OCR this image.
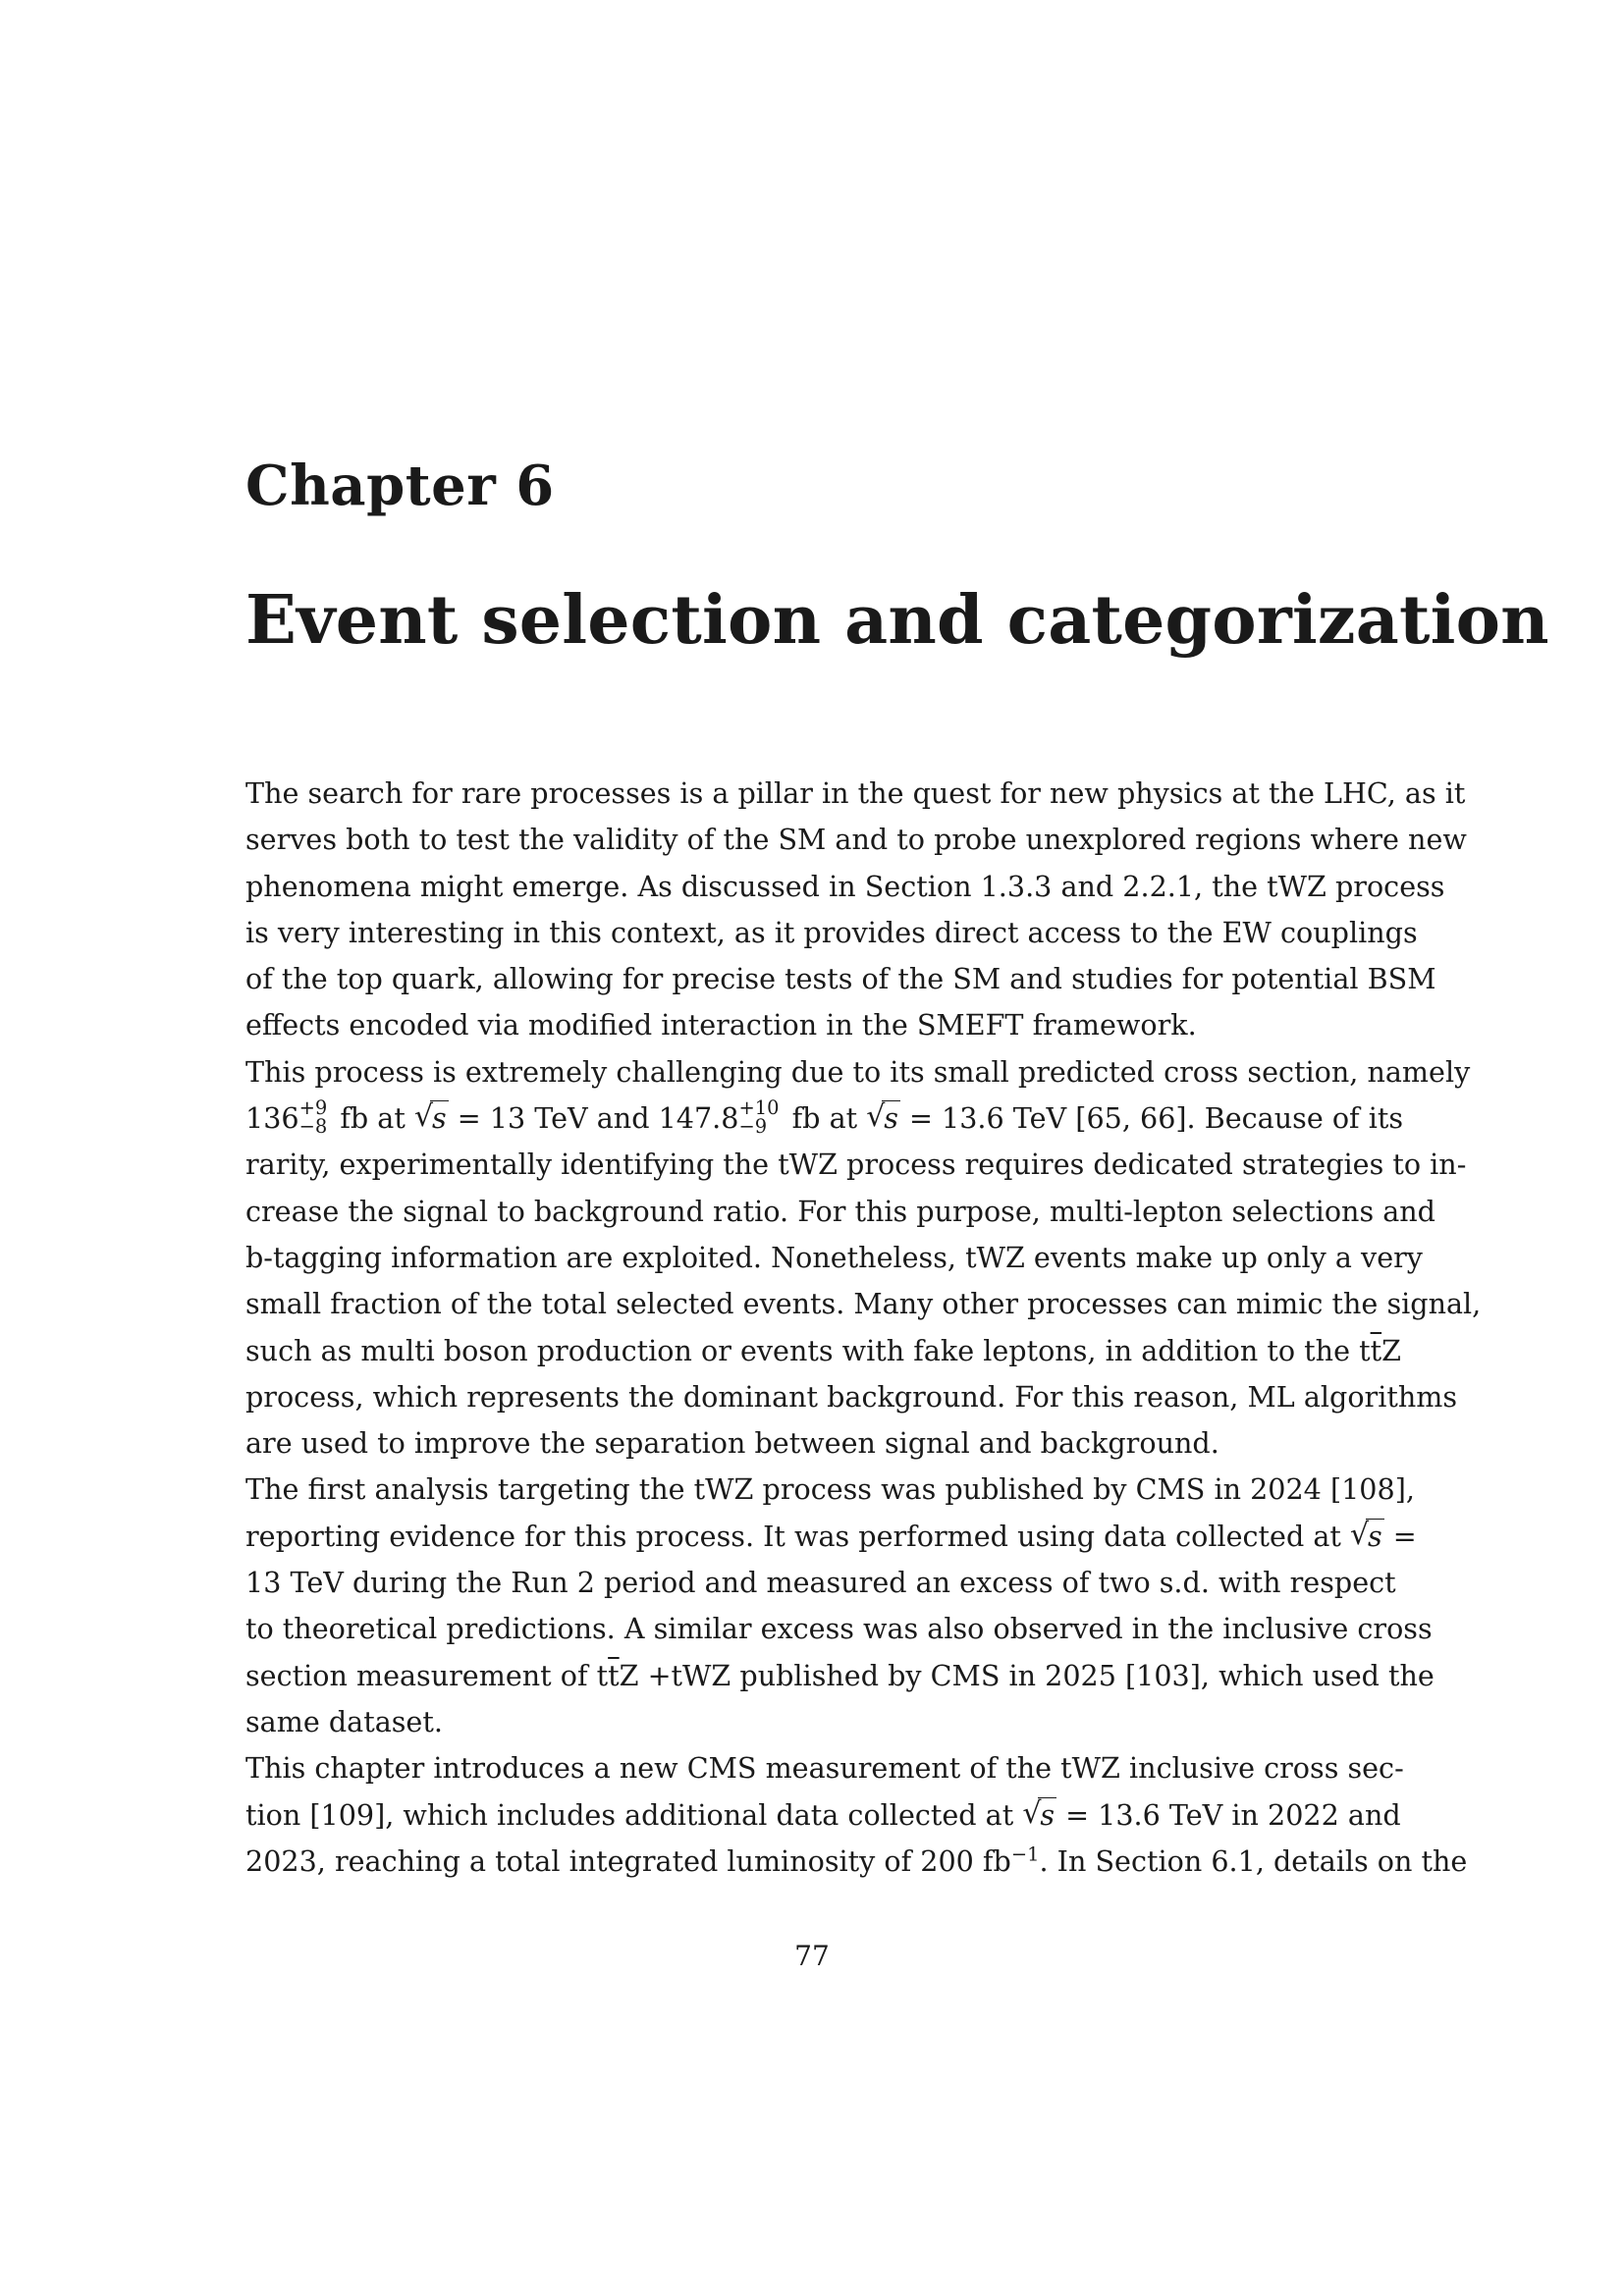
Chapter 6
Event selection and categorization
The search for rare processes is a pillar in the quest for new physics at the LHC, as it
serves both to test the validity of the SM and to probe unexplored regions where new
phenomena might emerge. As discussed in Section 1.3.3 and 2.2.1, the tWZ process
is very interesting in this context, as it provides direct access to the EW couplings
of the top quark, allowing for precise tests of the SM and studies for potential BSM
effects encoded via modified interaction in the SMEFT framework.
This process is extremely challenging due to its small predicted cross section, namely
136 +9
−8 fb at √
s = 13 TeV and 147.8 +10
−9 fb at √
s = 13.6 TeV [65, 66]. Because of its
rarity, experimentally identifying the tWZ process requires dedicated strategies to in-
crease the signal to background ratio. For this purpose, multi-lepton selections and
b-tagging information are exploited. Nonetheless, tWZ events make up only a very
small fraction of the total selected events. Many other processes can mimic the signal,
such as multi boson production or events with fake leptons, in addition to the $t\overline{t}Z$
process, which represents the dominant background. For this reason, ML algorithms
are used to improve the separation between signal and background.
The first analysis targeting the tWZ process was published by CMS in 2024 [108],
reporting evidence for this process. It was performed using data collected at √
s =
13 TeV during the Run 2 period and measured an excess of two s.d. with respect
to theoretical predictions. A similar excess was also observed in the inclusive cross
section measurement of $t\overline{t}Z +tWZ$ published by CMS in 2025 [103], which used the
same dataset.
This chapter introduces a new CMS measurement of the tWZ inclusive cross sec-
tion [109], which includes additional data collected at √
s = 13.6 TeV in 2022 and
2023, reaching a total integrated luminosity of 200 $fb^{-1}$. In Section 6.1, details on the
77
